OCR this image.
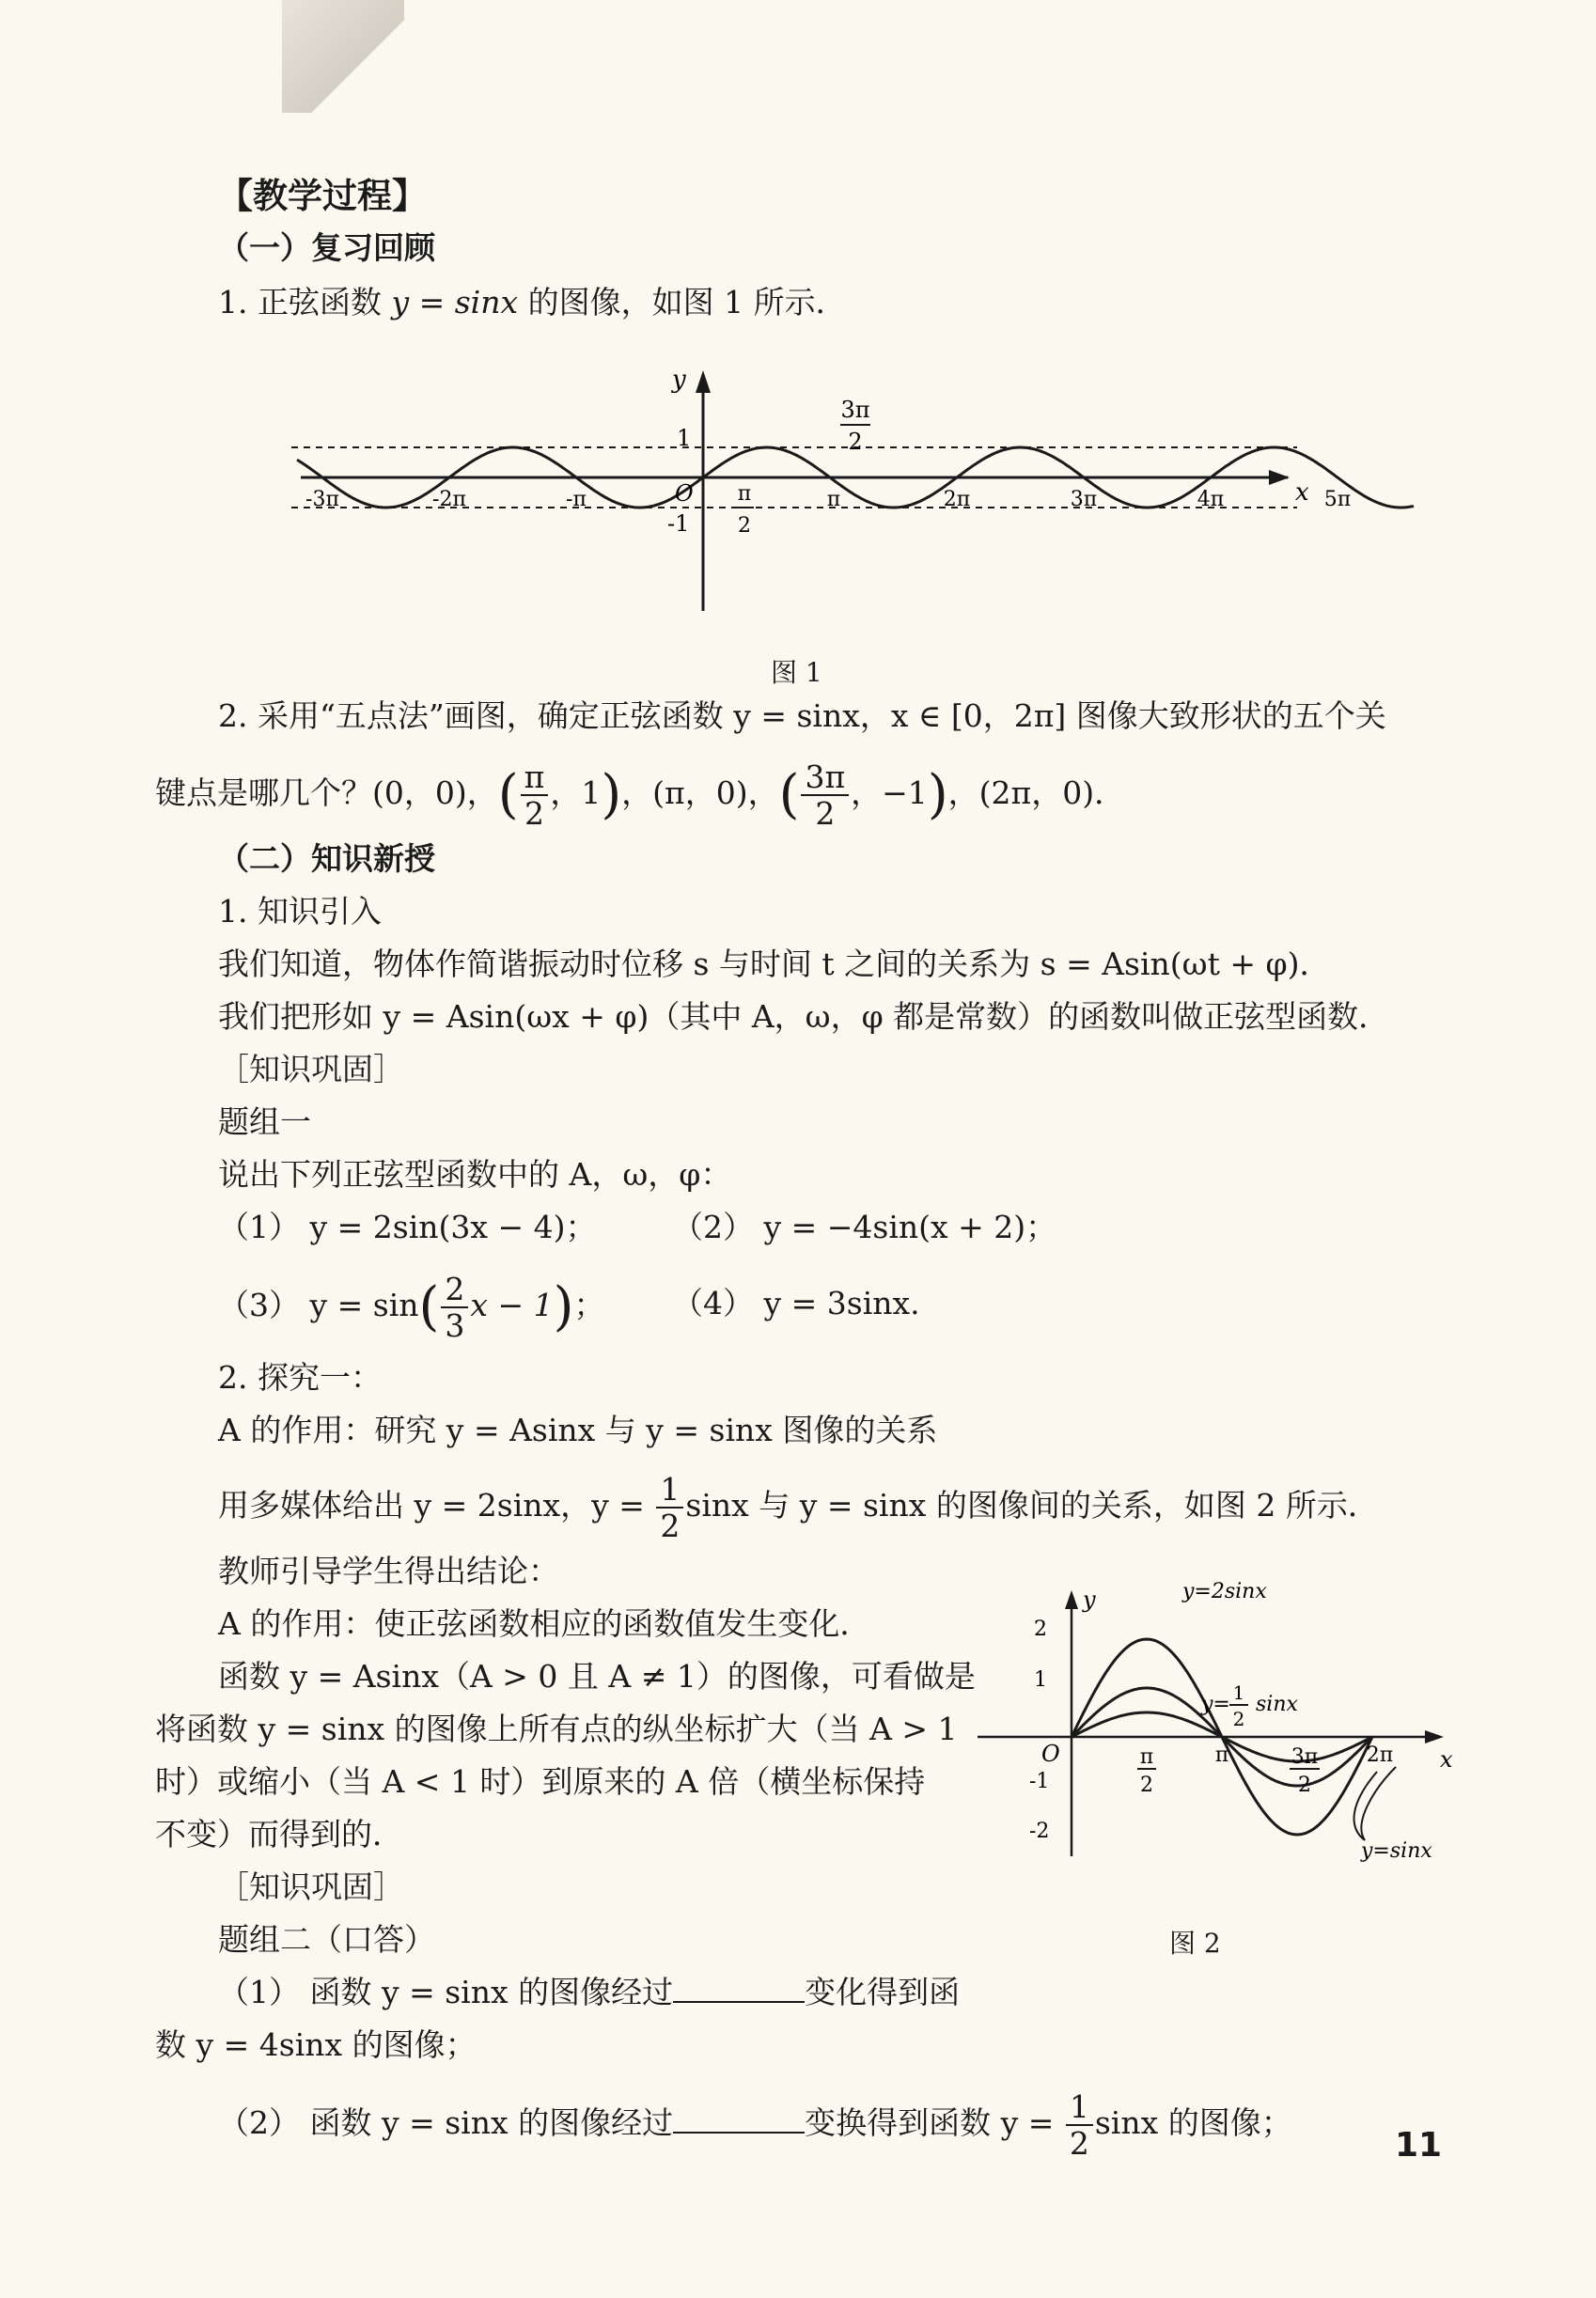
【教学过程】
（一）复习回顾
1. 正弦函数 y = sinx 的图像，如图 1 所示．
y
x
O
1
-1
-3π	-2π	-π	π	2π	3π	4π	5π
π
2
3π
2
图 1
2. 采用“五点法”画图，确定正弦函数 y = sinx，x ∈ [0，2π] 图像大致形状的五个关
键点是哪几个？(0，0)，( $\frac{\pi}{2}$ ，1)，(π，0)，( $\frac{3\pi}{2}$ ，−1)，(2π，0)．
（二）知识新授
1. 知识引入
我们知道，物体作简谐振动时位移 s 与时间 t 之间的关系为 s = Asin(ωt + φ)．
我们把形如 y = Asin(ωx + φ)（其中 A，ω，φ 都是常数）的函数叫做正弦型函数．
［知识巩固］
题组一
说出下列正弦型函数中的 A，ω，φ：
（1） y = 2sin(3x − 4)； （2） y = −4sin(x + 2)；
（3） $y = \sin( \frac{2}{3}$ x − 1)； （4） y = 3sinx.
2. 探究一：
A 的作用：研究 y = Asinx 与 y = sinx 图像的关系
用多媒体给出 y = 2sinx，$y = \frac{1}{2}$ sinx 与 y = sinx 的图像间的关系，如图 2 所示．
教师引导学生得出结论：
A 的作用：使正弦函数相应的函数值发生变化．
函数 y = Asinx（A > 0 且 A ≠ 1）的图像，可看做是
将函数 y = sinx 的图像上所有点的纵坐标扩大（当 A > 1
时）或缩小（当 A < 1 时）到原来的 A 倍（横坐标保持
不变）而得到的．
［知识巩固］
题组二（口答）
（1） 函数 y = sinx 的图像经过	变化得到函
数 y = 4sinx 的图像；
（2） 函数 y = sinx 的图像经过	变换得到函数 $y = \frac{1}{2}$ sinx 的图像；
y
x
O
2
1
-1
-2
π
2
π	3π
2
2π
y=2sinx
y= 1
2
sinx
y=sinx
图 2
11
